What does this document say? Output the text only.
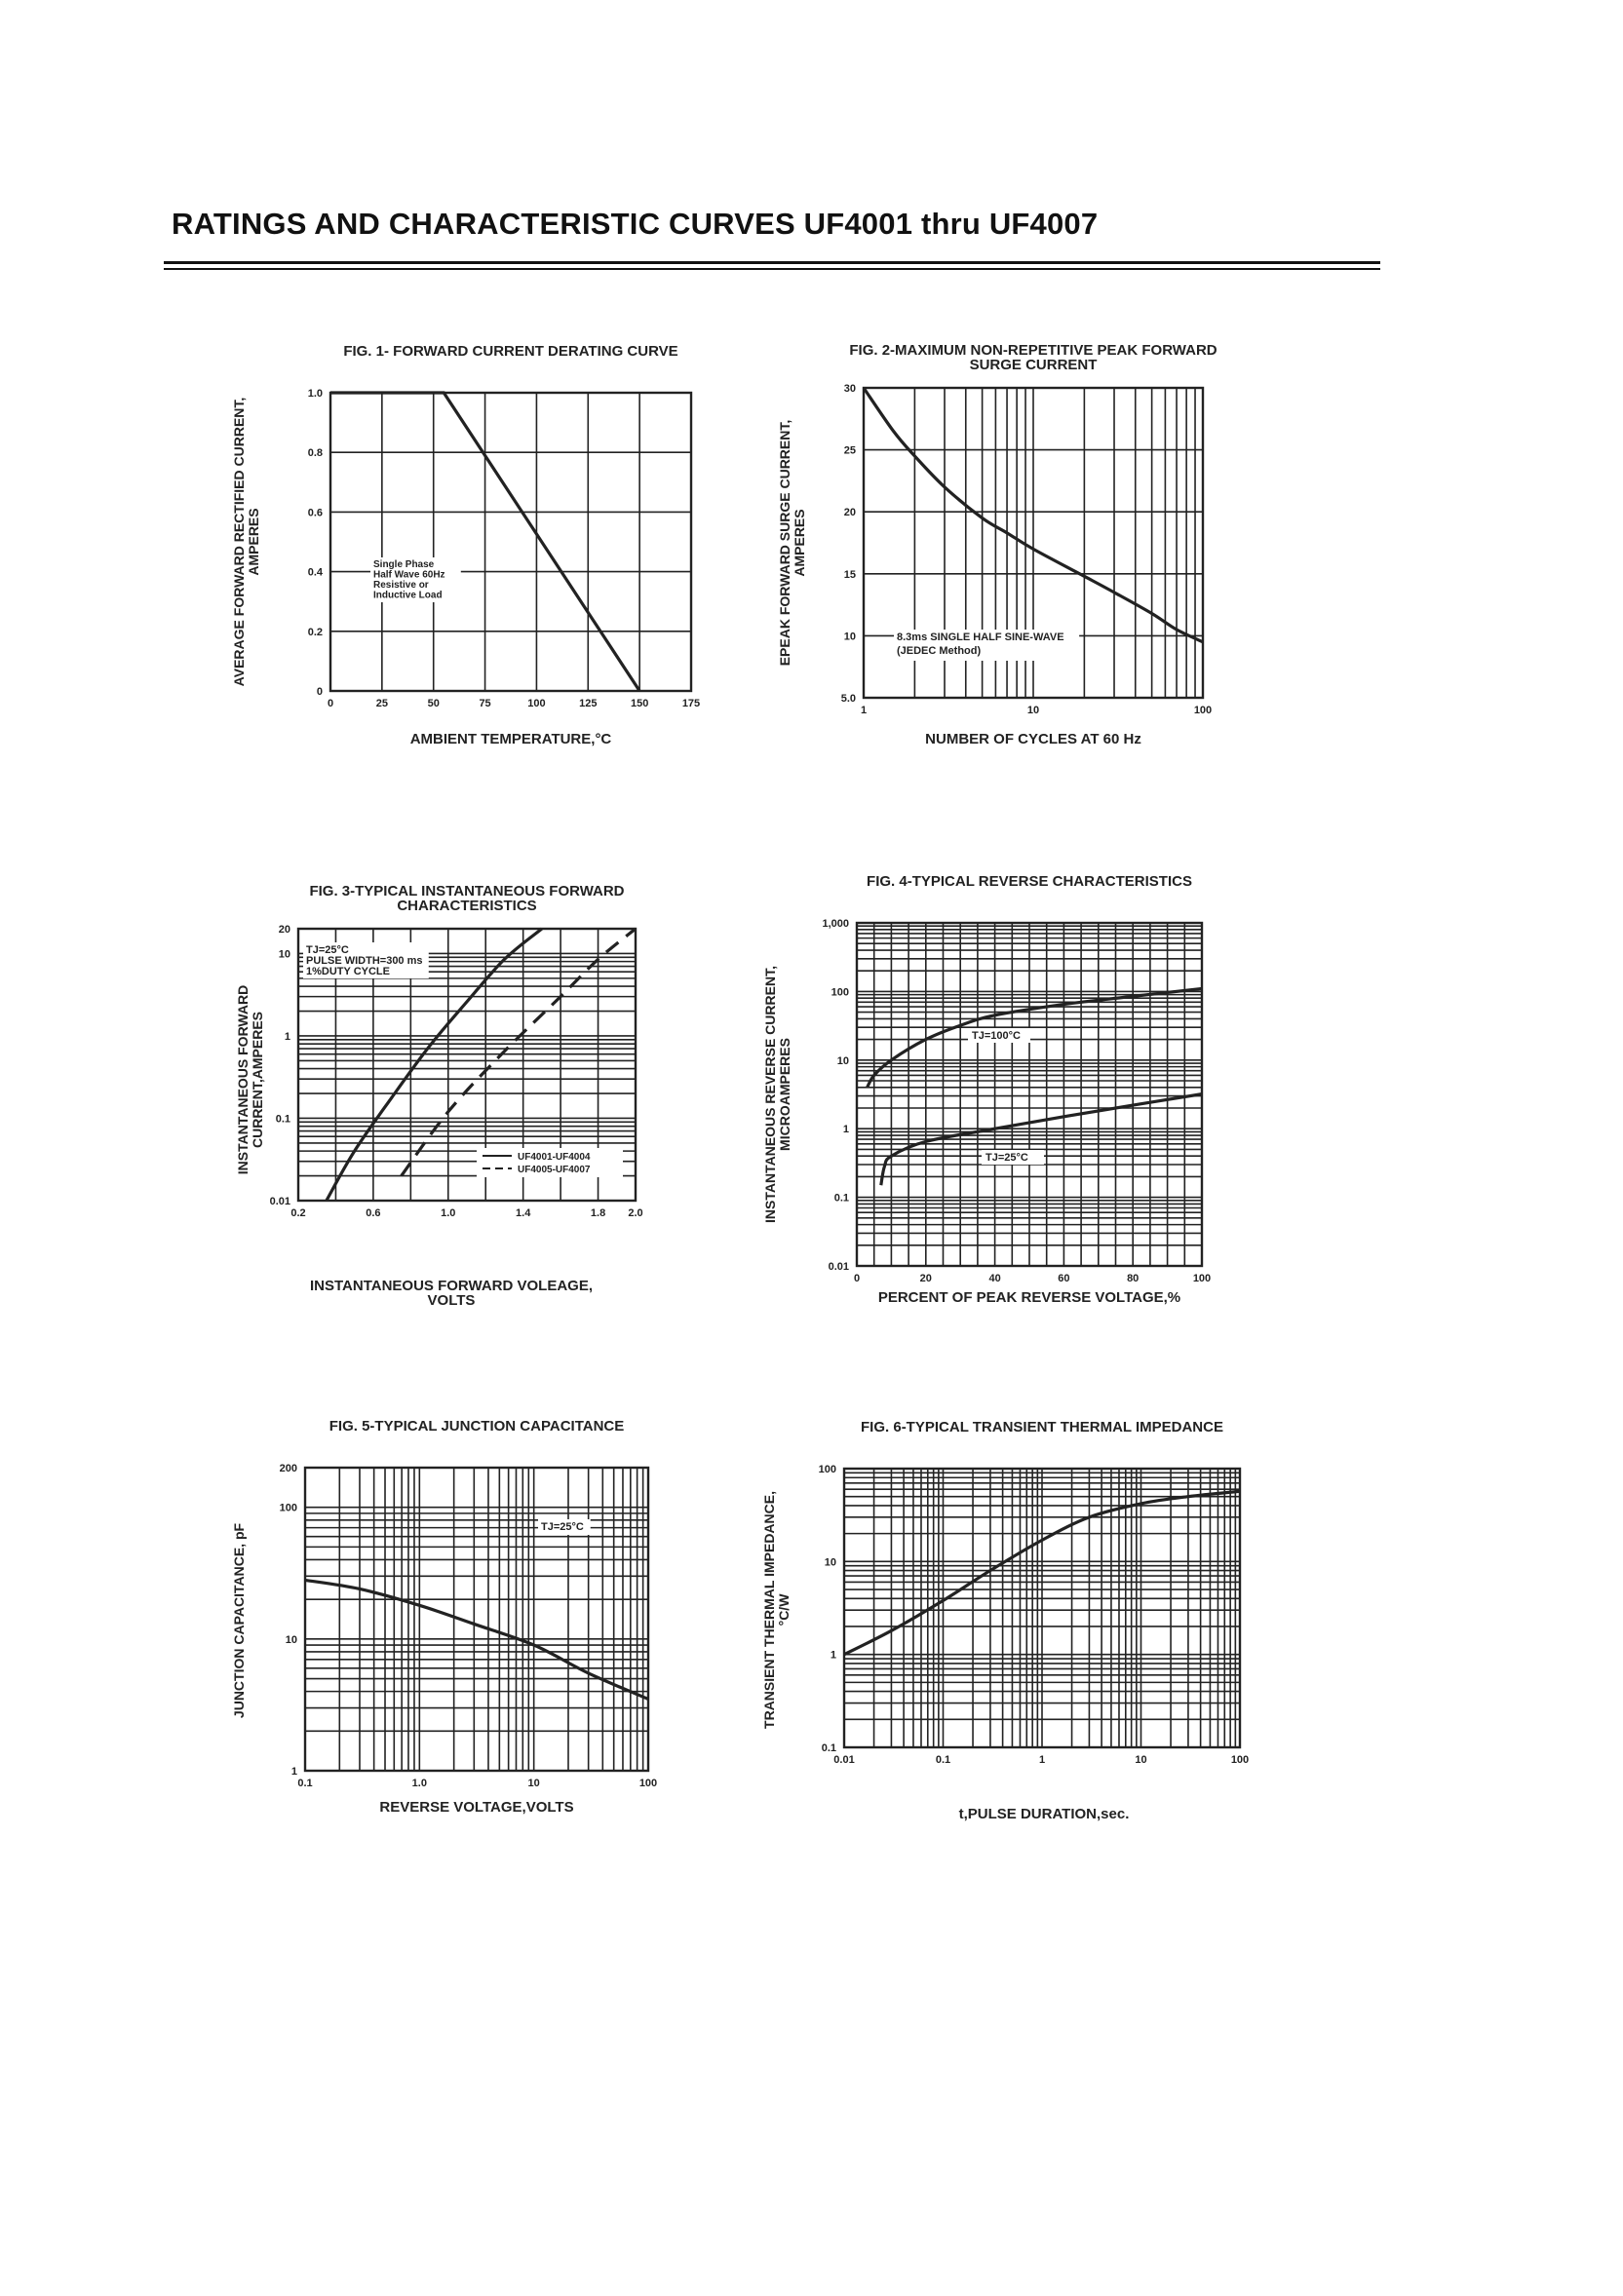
RATINGS AND CHARACTERISTIC CURVES UF4001 thru UF4007
Single Phase
Half Wave 60Hz
Resistive or
Inductive Load
0	25	50	75	100	125	150	175
0
0.2
0.4
0.6
0.8
1.0
FIG. 1- FORWARD CURRENT DERATING CURVE
AMBIENT TEMPERATURE,°C
AVERAGE FORWARD RECTIFIED CURRENT, AMPERES
8.3ms SINGLE HALF SINE-WAVE
(JEDEC Method)
1	10	100
5.0
10
15
20
25
30
FIG. 2-MAXIMUM NON-REPETITIVE PEAK FORWARD
SURGE CURRENT
NUMBER OF CYCLES AT 60 Hz
EPEAK FORWARD SURGE CURRENT, AMPERES
TJ=25°C
PULSE WIDTH=300 ms
1%DUTY CYCLE
UF4001-UF4004
UF4005-UF4007
0.2	0.6	1.0	1.4	1.8 2.0
0.01
0.1
1
10
20
FIG. 3-TYPICAL INSTANTANEOUS FORWARD
CHARACTERISTICS
INSTANTANEOUS FORWARD VOLEAGE,
VOLTS
INSTANTANEOUS FORWARD CURRENT,AMPERES	TJ=100°C
TJ=25°C
0	20	40	60	80	100
0.01
0.1
1
10
100
1,000
FIG. 4-TYPICAL REVERSE CHARACTERISTICS
PERCENT OF PEAK REVERSE VOLTAGE,%
INSTANTANEOUS REVERSE CURRENT, MICROAMPERES
TJ=25°C
0.1	1.0	10	100
1
10
100
200
FIG. 5-TYPICAL JUNCTION CAPACITANCE
REVERSE VOLTAGE,VOLTS
JUNCTION CAPACITANCE, pF
0.01	0.1	1	10	100
0.1
1
10
100
FIG. 6-TYPICAL TRANSIENT THERMAL IMPEDANCE
t,PULSE DURATION,sec.
TRANSIENT THERMAL IMPEDANCE, °C/W
